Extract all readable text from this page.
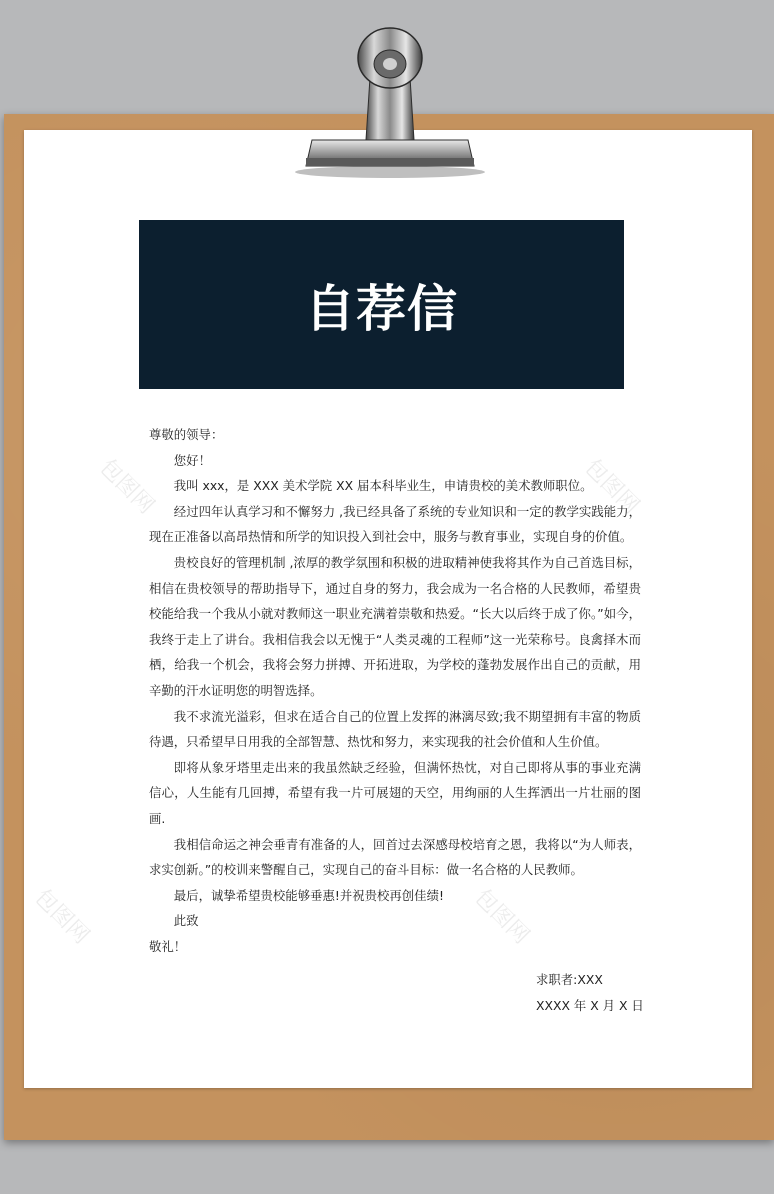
自荐信

尊敬的领导：

您好！

我叫 xxx，是 XXX 美术学院 XX 届本科毕业生，申请贵校的美术教师职位。

经过四年认真学习和不懈努力 ,我已经具备了系统的专业知识和一定的教学实践能力，现在正准备以高昂热情和所学的知识投入到社会中，服务与教育事业，实现自身的价值。

贵校良好的管理机制 ,浓厚的教学氛围和积极的进取精神使我将其作为自己首选目标，相信在贵校领导的帮助指导下，通过自身的努力，我会成为一名合格的人民教师，希望贵校能给我一个我从小就对教师这一职业充满着崇敬和热爱。“长大以后终于成了你。”如今，我终于走上了讲台。我相信我会以无愧于“人类灵魂的工程师”这一光荣称号。良禽择木而栖，给我一个机会，我将会努力拼搏、开拓进取，为学校的蓬勃发展作出自己的贡献，用辛勤的汗水证明您的明智选择。

我不求流光溢彩，但求在适合自己的位置上发挥的淋漓尽致;我不期望拥有丰富的物质待遇，只希望早日用我的全部智慧、热忱和努力，来实现我的社会价值和人生价值。

即将从象牙塔里走出来的我虽然缺乏经验，但满怀热忱，对自己即将从事的事业充满信心，人生能有几回搏，希望有我一片可展翅的天空，用绚丽的人生挥洒出一片壮丽的图画.

我相信命运之神会垂青有准备的人，回首过去深感母校培育之恩，我将以“为人师表，求实创新。”的校训来警醒自己，实现自己的奋斗目标：做一名合格的人民教师。

最后，诚挚希望贵校能够垂惠!并祝贵校再创佳绩!

此致

敬礼！

求职者:XXX

XXXX 年 X 月 X 日
